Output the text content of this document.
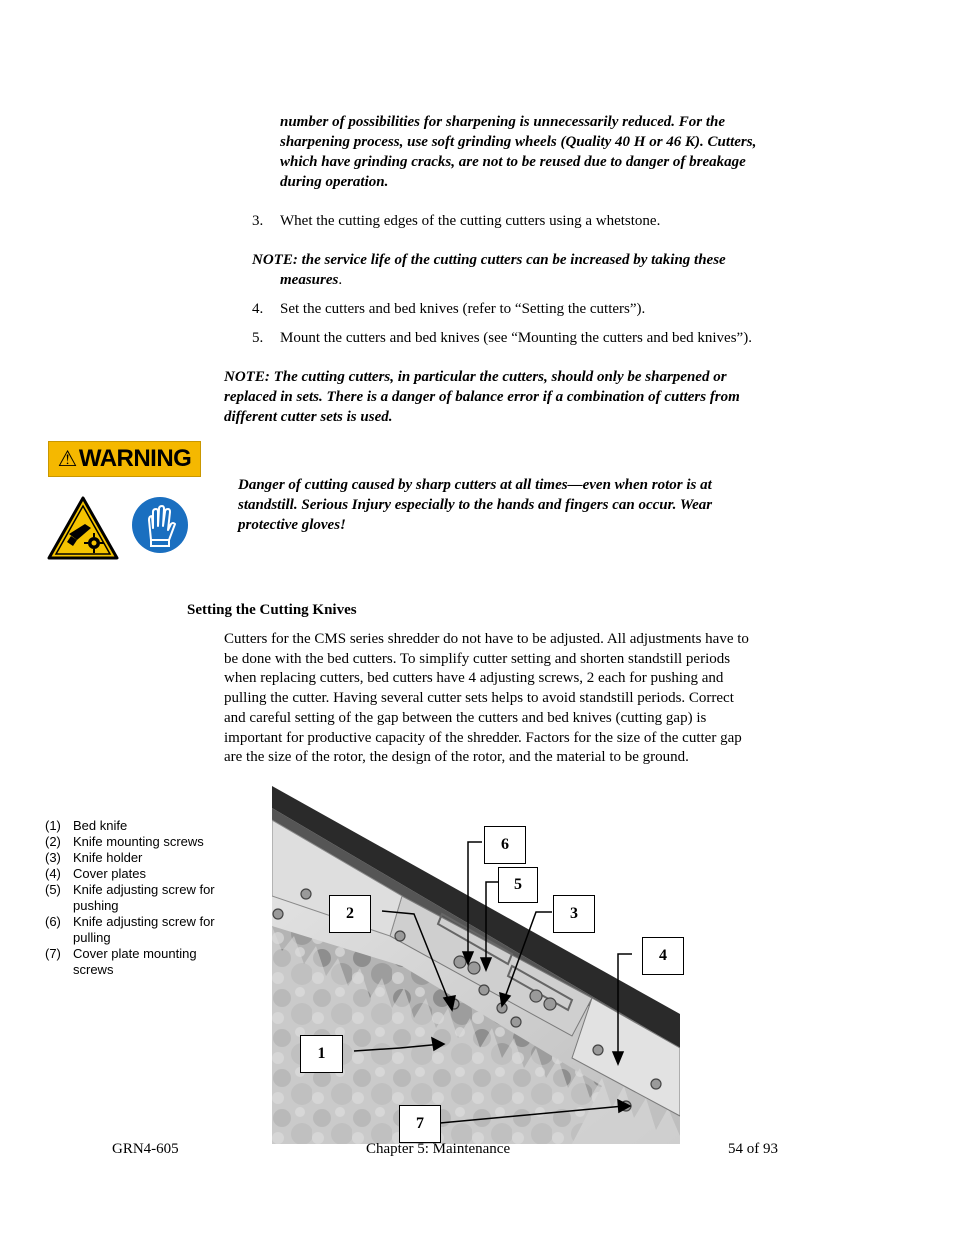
number of possibilities for sharpening is unnecessarily reduced. For the
sharpening process, use soft grinding wheels (Quality 40 H or 46 K). Cutters,
which have grinding cracks, are not to be reused due to danger of breakage
during operation.
3. Whet the cutting edges of the cutting cutters using a whetstone.
NOTE: the service life of the cutting cutters can be increased by taking these
measures.
4. Set the cutters and bed knives (refer to “Setting the cutters”).
5. Mount the cutters and bed knives (see “Mounting the cutters and bed knives”).
NOTE: The cutting cutters, in particular the cutters, should only be sharpened or
replaced in sets. There is a danger of balance error if a combination of cutters from
different cutter sets is used.
⚠ WARNING
Danger of cutting caused by sharp cutters at all times—even when rotor is at
standstill. Serious Injury especially to the hands and fingers can occur. Wear
protective gloves!
Setting the Cutting Knives
Cutters for the CMS series shredder do not have to be adjusted. All adjustments have to
be done with the bed cutters. To simplify cutter setting and shorten standstill periods
when replacing cutters, bed cutters have 4 adjusting screws, 2 each for pushing and
pulling the cutter. Having several cutter sets helps to avoid standstill periods. Correct
and careful setting of the gap between the cutters and bed knives (cutting gap) is
important for productive capacity of the shredder. Factors for the size of the cutter gap
are the size of the rotor, the design of the rotor, and the material to be ground.
(1) Bed knife
(2) Knife mounting screws
(3) Knife holder
(4) Cover plates
(5) Knife adjusting screw for
pushing
(6) Knife adjusting screw for
pulling
(7) Cover plate mounting
screws
6
5
2	3
4
1
7
GRN4-605	Chapter 5: Maintenance	54 of 93
